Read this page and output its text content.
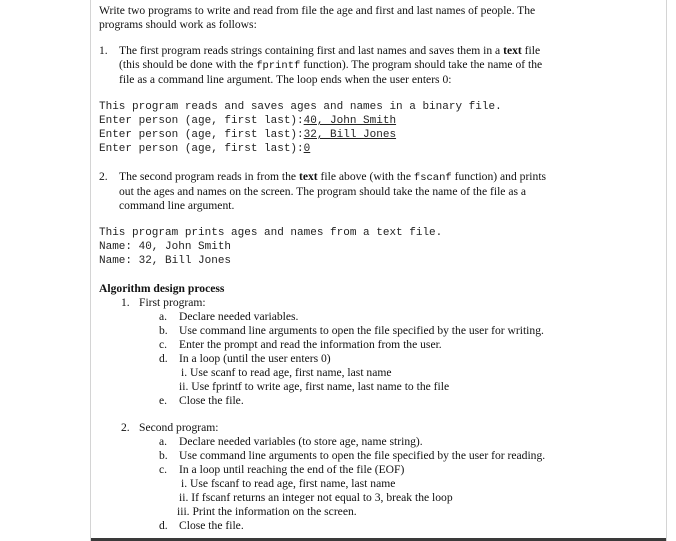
Write two programs to write and read from file the age and first and last names of people. The
programs should work as follows:

1. The first program reads strings containing first and last names and saves them in a text file
(this should be done with the fprintf function). The program should take the name of the
file as a command line argument. The loop ends when the user enters 0:
This program reads and saves ages and names in a binary file.
Enter person (age, first last):40, John Smith
Enter person (age, first last):32, Bill Jones
Enter person (age, first last):0
2. The second program reads in from the text file above (with the fscanf function) and prints
out the ages and names on the screen. The program should take the name of the file as a
command line argument.
This program prints ages and names from a text file.
Name: 40, John Smith
Name: 32, Bill Jones
Algorithm design process
1. First program:
a. Declare needed variables.
b. Use command line arguments to open the file specified by the user for writing.
c. Enter the prompt and read the information from the user.
d. In a loop (until the user enters 0)
i. Use scanf to read age, first name, last name
ii. Use fprintf to write age, first name, last name to the file
e. Close the file.
2. Second program:
a. Declare needed variables (to store age, name string).
b. Use command line arguments to open the file specified by the user for reading.
c. In a loop until reaching the end of the file (EOF)
i. Use fscanf to read age, first name, last name
ii. If fscanf returns an integer not equal to 3, break the loop
iii. Print the information on the screen.
d. Close the file.
